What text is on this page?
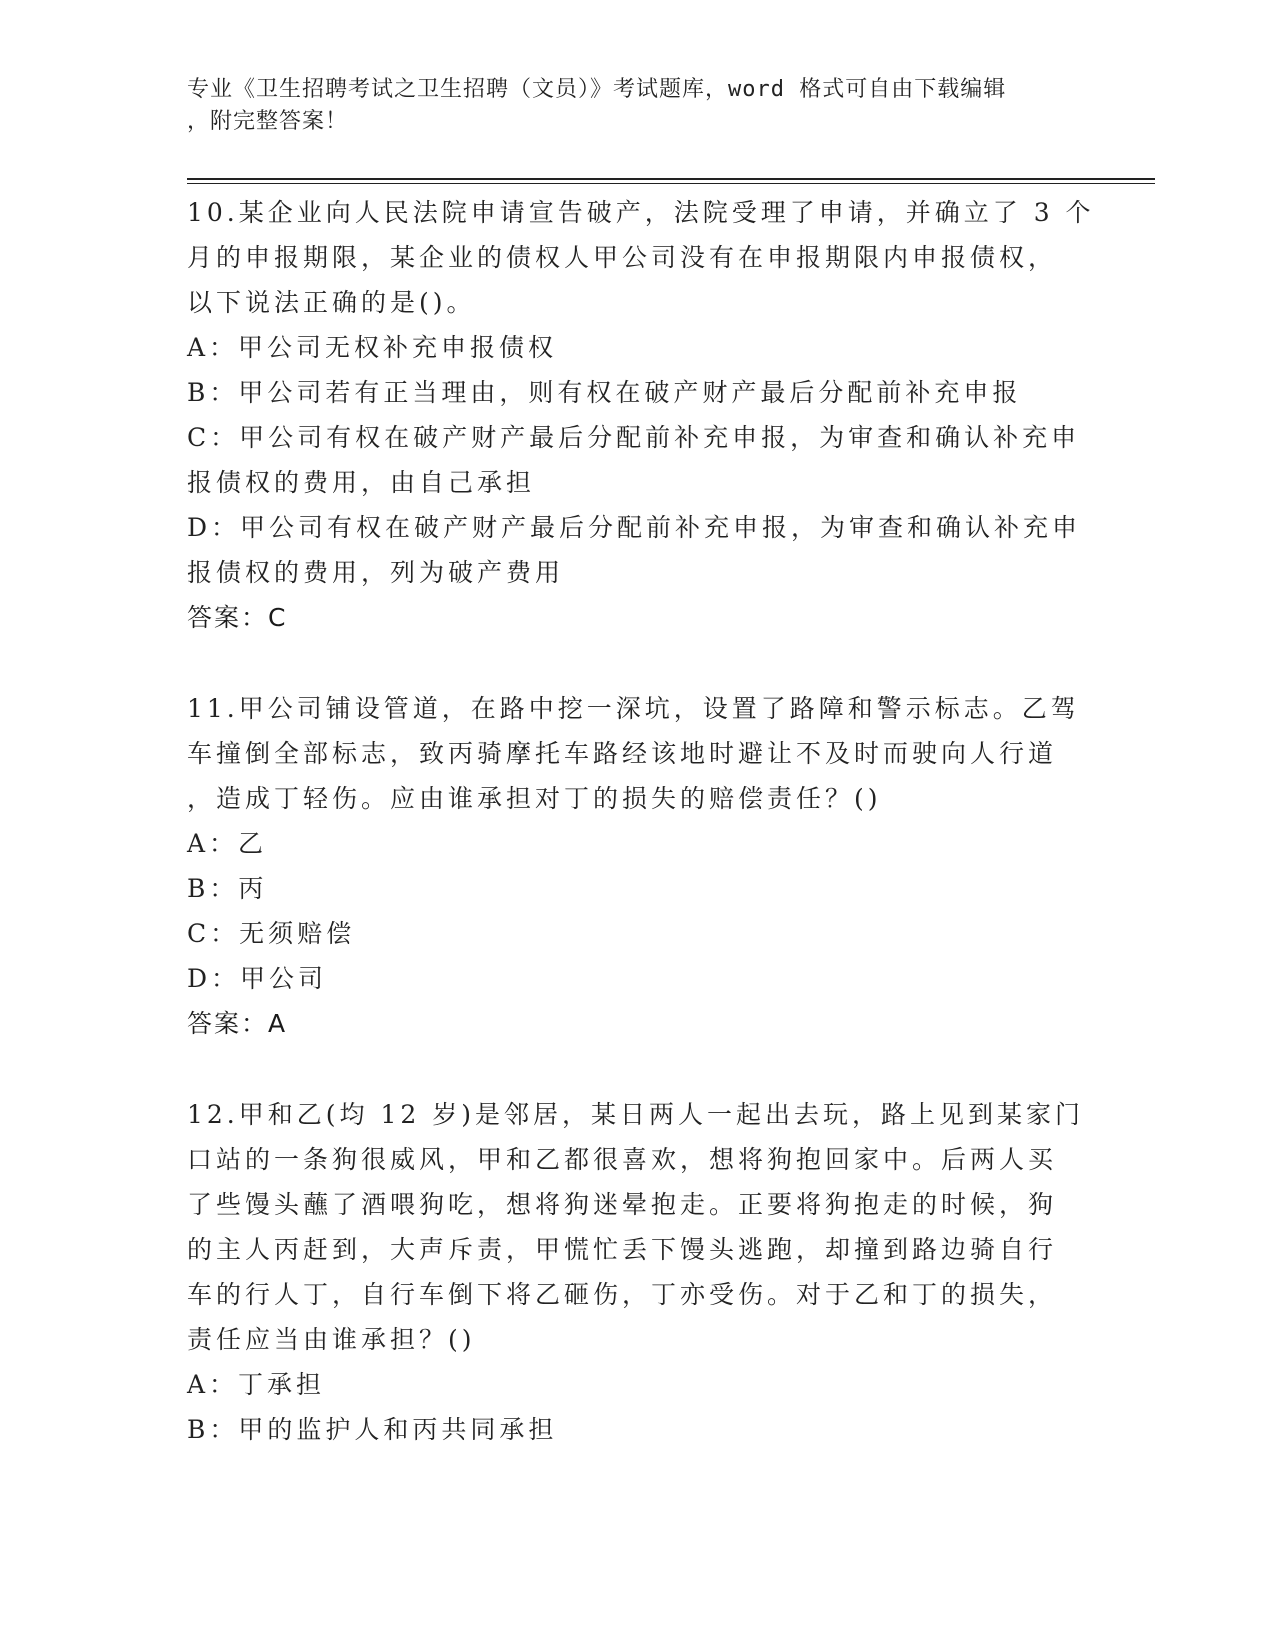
专业《卫生招聘考试之卫生招聘（文员）》考试题库，word 格式可自由下载编辑
，附完整答案！
10.某企业向人民法院申请宣告破产，法院受理了申请，并确立了 3 个
月的申报期限，某企业的债权人甲公司没有在申报期限内申报债权，
以下说法正确的是()。
A：甲公司无权补充申报债权
B：甲公司若有正当理由，则有权在破产财产最后分配前补充申报
C：甲公司有权在破产财产最后分配前补充申报，为审查和确认补充申
报债权的费用，由自己承担
D：甲公司有权在破产财产最后分配前补充申报，为审查和确认补充申
报债权的费用，列为破产费用
答案：C
11.甲公司铺设管道，在路中挖一深坑，设置了路障和警示标志。乙驾
车撞倒全部标志，致丙骑摩托车路经该地时避让不及时而驶向人行道
，造成丁轻伤。应由谁承担对丁的损失的赔偿责任？()
A：乙
B：丙
C：无须赔偿
D：甲公司
答案：A
12.甲和乙(均 12 岁)是邻居，某日两人一起出去玩，路上见到某家门
口站的一条狗很威风，甲和乙都很喜欢，想将狗抱回家中。后两人买
了些馒头蘸了酒喂狗吃，想将狗迷晕抱走。正要将狗抱走的时候，狗
的主人丙赶到，大声斥责，甲慌忙丢下馒头逃跑，却撞到路边骑自行
车的行人丁，自行车倒下将乙砸伤，丁亦受伤。对于乙和丁的损失，
责任应当由谁承担？()
A：丁承担
B：甲的监护人和丙共同承担
